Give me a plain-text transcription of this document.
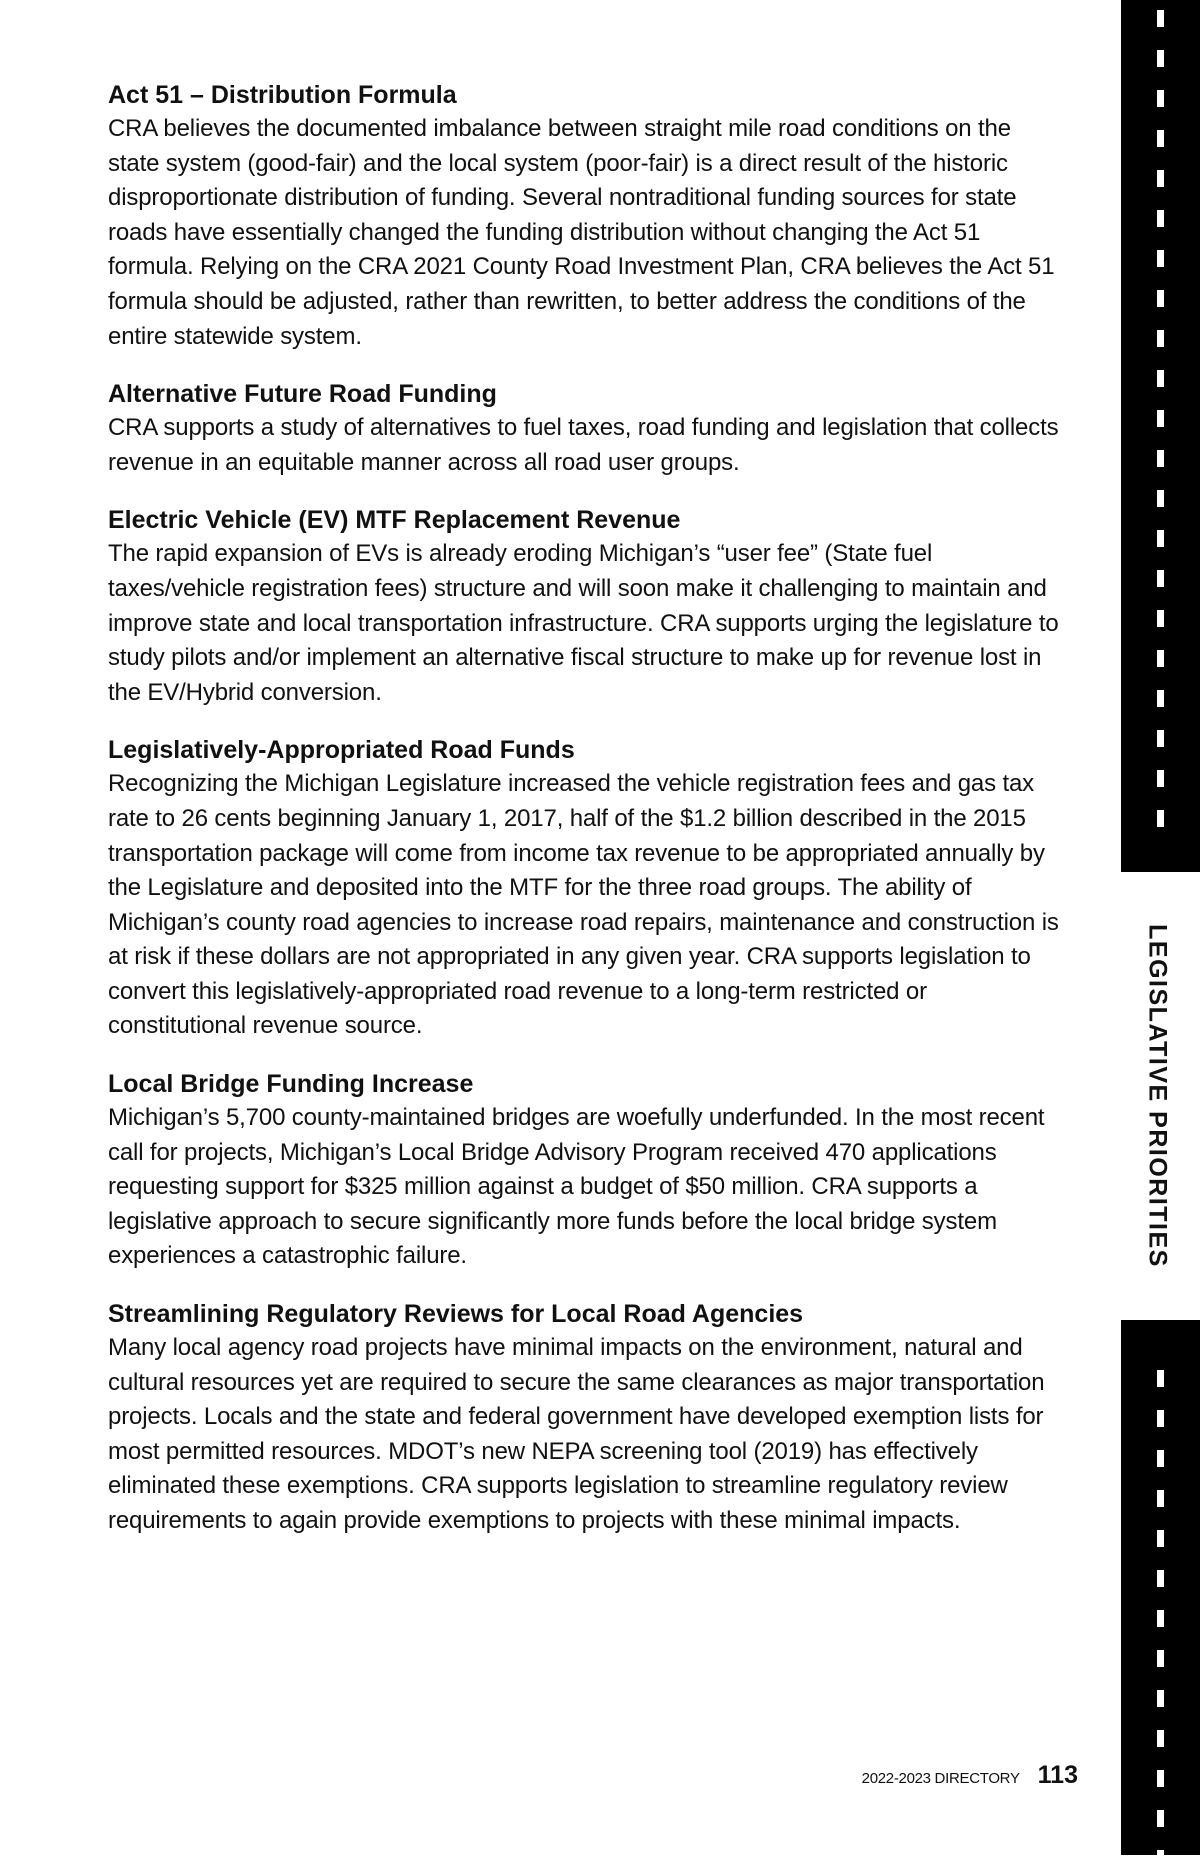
Act 51 – Distribution Formula

CRA believes the documented imbalance between straight mile road conditions on the state system (good-fair) and the local system (poor-fair) is a direct result of the historic disproportionate distribution of funding. Several nontraditional funding sources for state roads have essentially changed the funding distribution without changing the Act 51 formula. Relying on the CRA 2021 County Road Investment Plan, CRA believes the Act 51 formula should be adjusted, rather than rewritten, to better address the conditions of the entire statewide system.

Alternative Future Road Funding

CRA supports a study of alternatives to fuel taxes, road funding and legislation that collects revenue in an equitable manner across all road user groups.

Electric Vehicle (EV) MTF Replacement Revenue

The rapid expansion of EVs is already eroding Michigan’s “user fee” (State fuel taxes/vehicle registration fees) structure and will soon make it challenging to maintain and improve state and local transportation infrastructure. CRA supports urging the legislature to study pilots and/or implement an alternative fiscal structure to make up for revenue lost in the EV/Hybrid conversion.

Legislatively-Appropriated Road Funds

Recognizing the Michigan Legislature increased the vehicle registration fees and gas tax rate to 26 cents beginning January 1, 2017, half of the $1.2 billion described in the 2015 transportation package will come from income tax revenue to be appropriated annually by the Legislature and deposited into the MTF for the three road groups. The ability of Michigan’s county road agencies to increase road repairs, maintenance and construction is at risk if these dollars are not appropriated in any given year. CRA supports legislation to convert this legislatively-appropriated road revenue to a long-term restricted or constitutional revenue source.

Local Bridge Funding Increase

Michigan’s 5,700 county-maintained bridges are woefully underfunded. In the most recent call for projects, Michigan’s Local Bridge Advisory Program received 470 applications requesting support for $325 million against a budget of $50 million. CRA supports a legislative approach to secure significantly more funds before the local bridge system experiences a catastrophic failure.

Streamlining Regulatory Reviews for Local Road Agencies

Many local agency road projects have minimal impacts on the environment, natural and cultural resources yet are required to secure the same clearances as major transportation projects. Locals and the state and federal government have developed exemption lists for most permitted resources. MDOT’s new NEPA screening tool (2019) has effectively eliminated these exemptions. CRA supports legislation to streamline regulatory review requirements to again provide exemptions to projects with these minimal impacts.

LEGISLATIVE PRIORITIES
2022-2023 DIRECTORY 113
